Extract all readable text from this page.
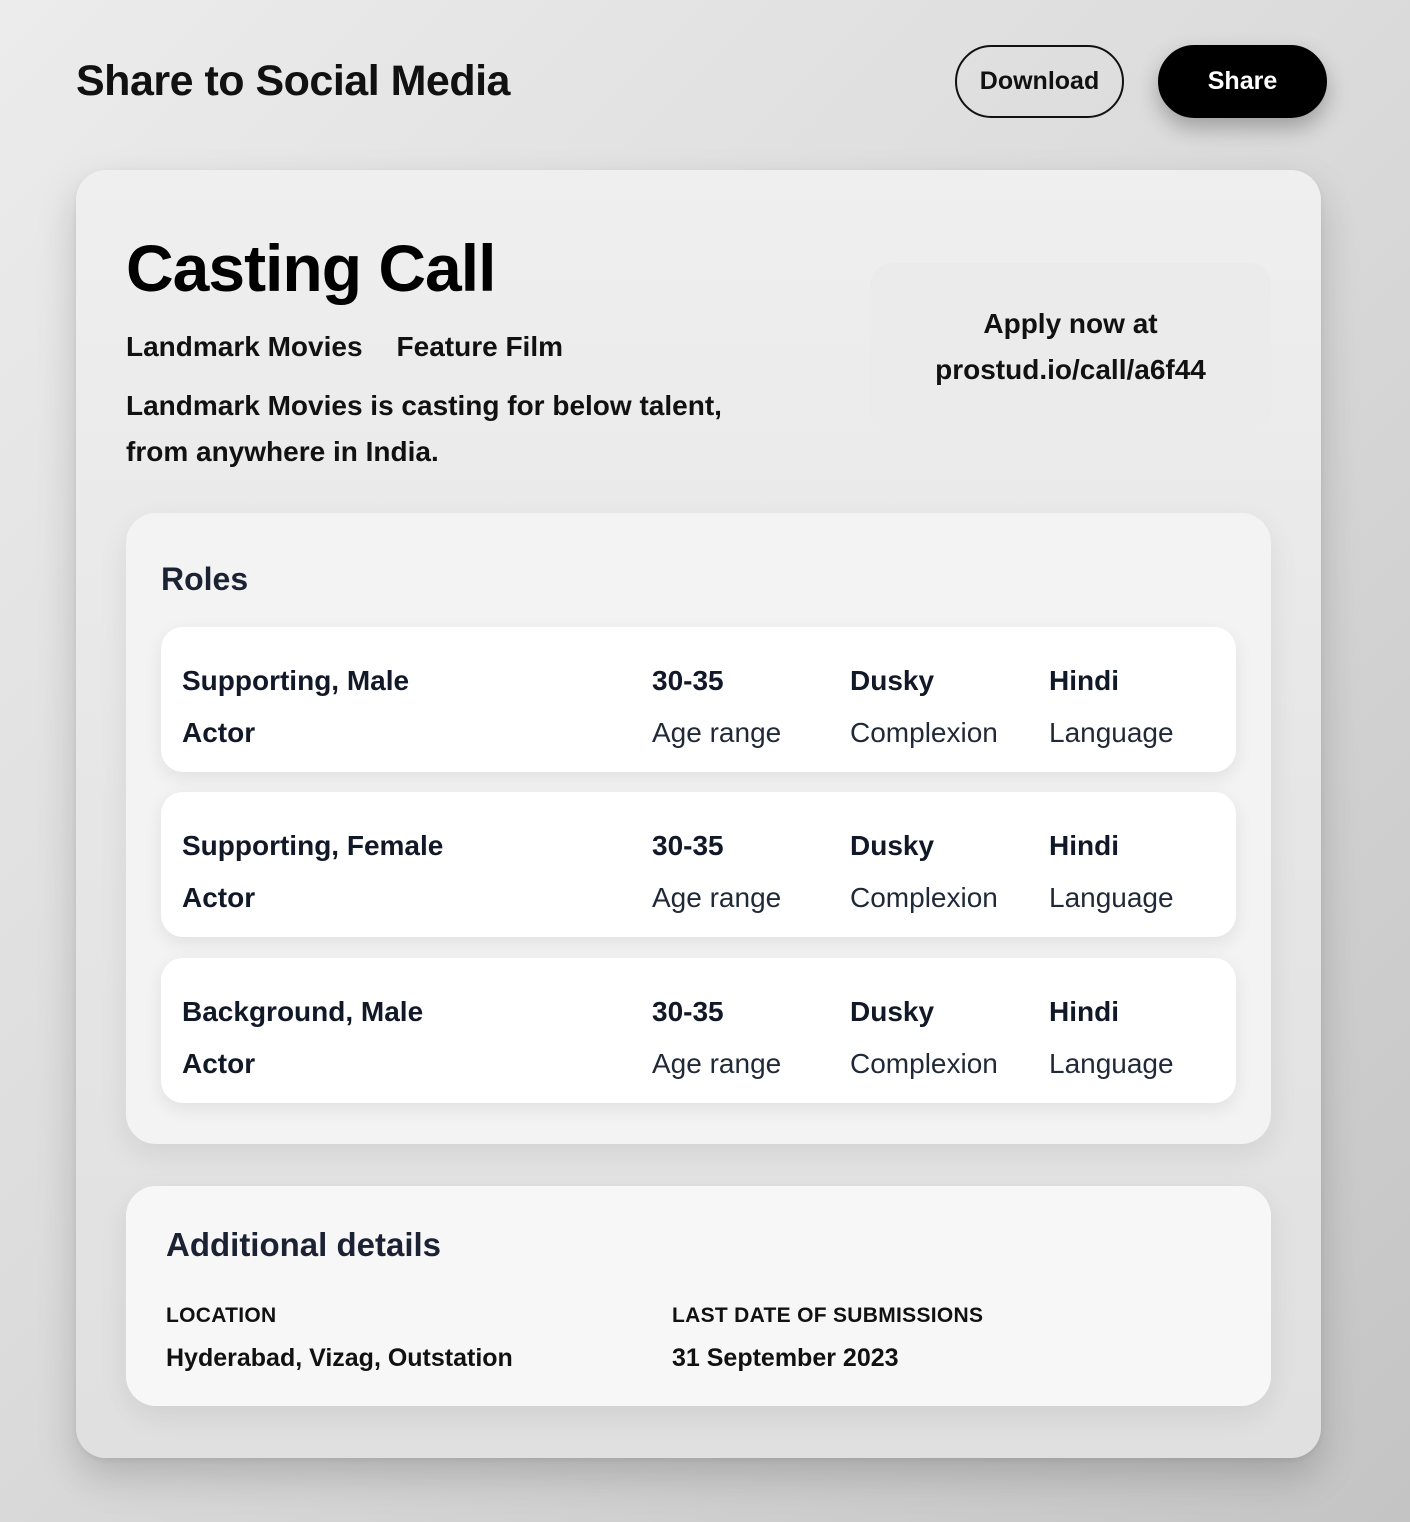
Share to Social Media	Download	Share
Casting Call
Landmark Movies Feature Film

Landmark Movies is casting for below talent, from anywhere in India.

Apply now at
prostud.io/call/a6f44
Roles
Supporting, Male
Actor
30-35
Age range
Dusky
Complexion
Hindi
Language
Supporting, Female
Actor
30-35
Age range
Dusky
Complexion
Hindi
Language
Background, Male
Actor
30-35
Age range
Dusky
Complexion
Hindi
Language
Additional details
LOCATION
Hyderabad, Vizag, Outstation
LAST DATE OF SUBMISSIONS
31 September 2023
